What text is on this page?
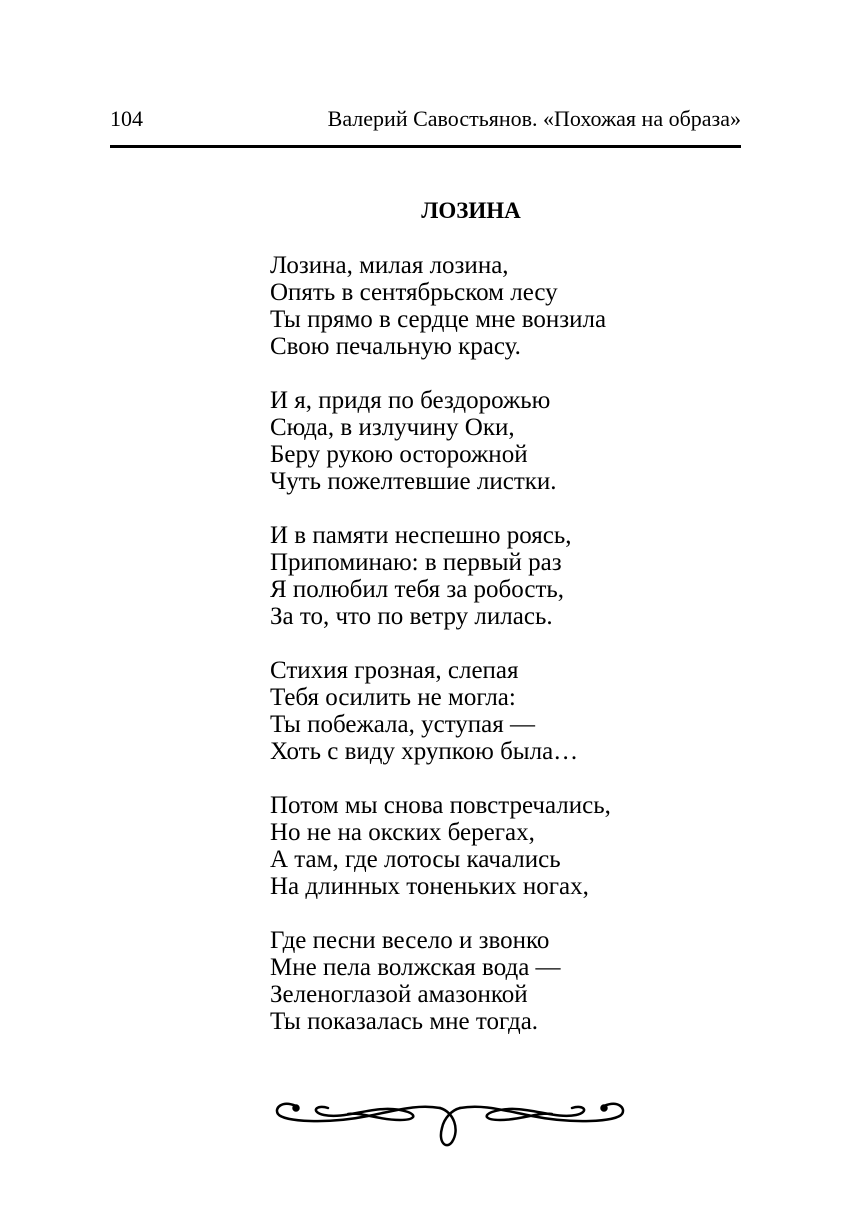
104	Валерий Савостьянов. «Похожая на образа»
ЛОЗИНА
Лозина, милая лозина,
Опять в сентябрьском лесу
Ты прямо в сердце мне вонзила
Свою печальную красу.
И я, придя по бездорожью
Сюда, в излучину Оки,
Беру рукою осторожной
Чуть пожелтевшие листки.
И в памяти неспешно роясь,
Припоминаю: в первый раз
Я полюбил тебя за робость,
За то, что по ветру лилась.
Стихия грозная, слепая
Тебя осилить не могла:
Ты побежала, уступая —
Хоть с виду хрупкою была…
Потом мы снова повстречались,
Но не на окских берегах,
А там, где лотосы качались
На длинных тоненьких ногах,
Где песни весело и звонко
Мне пела волжская вода —
Зеленоглазой амазонкой
Ты показалась мне тогда.
